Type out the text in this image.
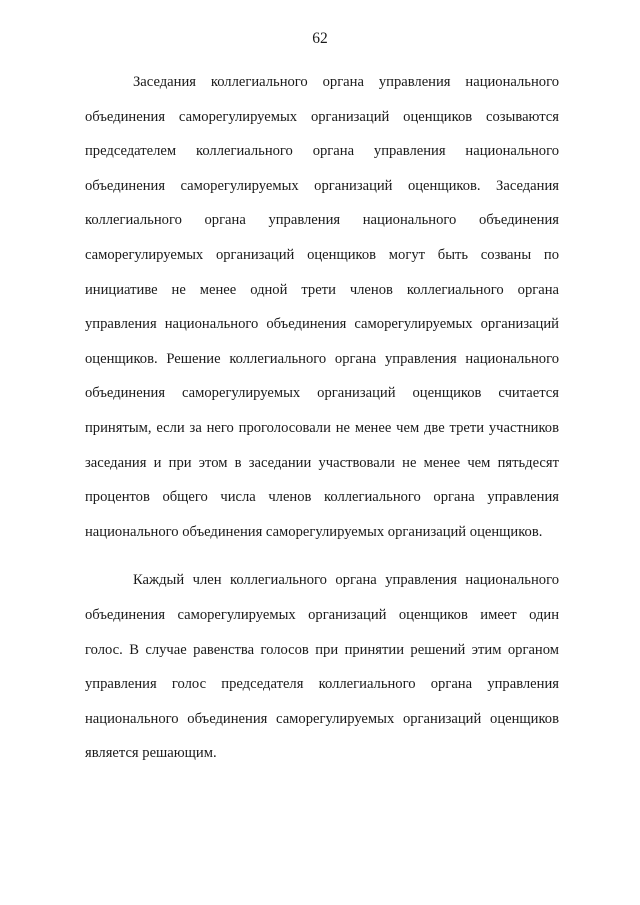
62
Заседания коллегиального органа управления национального
объединения саморегулируемых организаций оценщиков созываются
председателем коллегиального органа управления национального
объединения саморегулируемых организаций оценщиков. Заседания
коллегиального органа управления национального объединения
саморегулируемых организаций оценщиков могут быть созваны по
инициативе не менее одной трети членов коллегиального органа
управления национального объединения саморегулируемых организаций
оценщиков. Решение коллегиального органа управления национального
объединения саморегулируемых организаций оценщиков считается
принятым, если за него проголосовали не менее чем две трети участников
заседания и при этом в заседании участвовали не менее чем пятьдесят
процентов общего числа членов коллегиального органа управления
национального объединения саморегулируемых организаций оценщиков.
Каждый член коллегиального органа управления национального
объединения саморегулируемых организаций оценщиков имеет один
голос. В случае равенства голосов при принятии решений этим органом
управления голос председателя коллегиального органа управления
национального объединения саморегулируемых организаций оценщиков
является решающим.
